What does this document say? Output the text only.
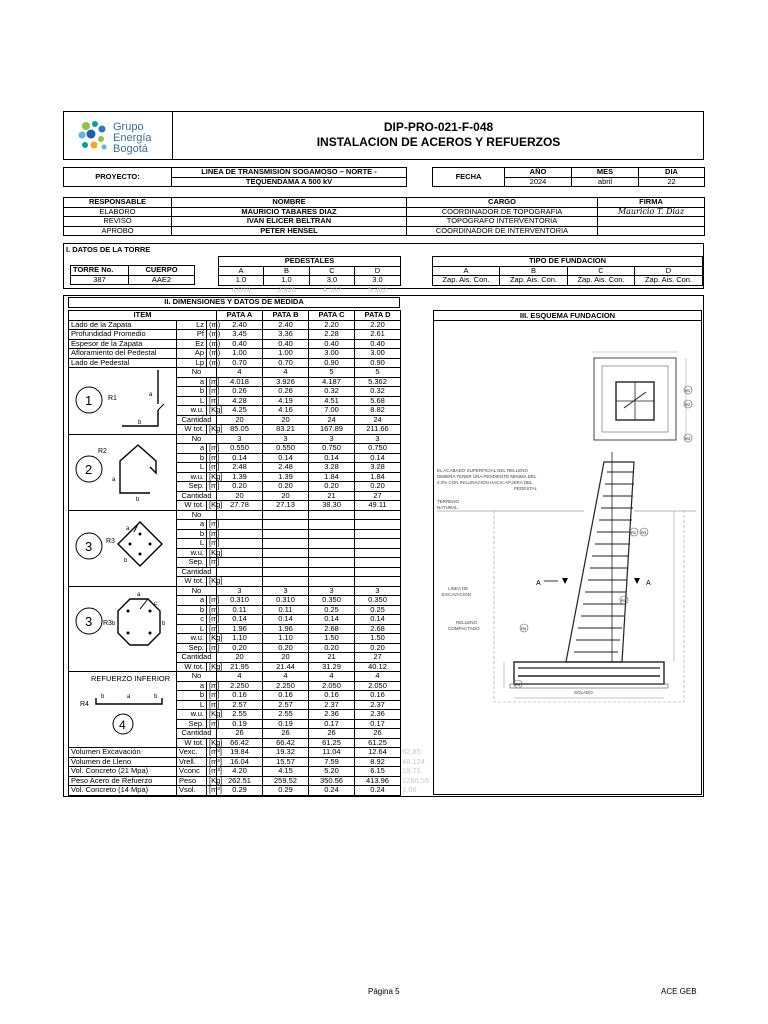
Grupo
Energía
Bogotá
DIP-PRO-021-F-048
INSTALACION DE ACEROS Y REFUERZOS
PROYECTO:	LINEA DE TRANSMISION SOGAMOSO – NORTE -
TEQUENDAMA A 500 kV
FECHA	AÑO	MES	DIA
	2024	abril	22
RESPONSABLE	NOMBRE	CARGO	FIRMA
ELABORO	MAURICIO TABARES DIAZ	COORDINADOR DE TOPOGRAFIA	Mauricio T. Diaz
REVISO	IVAN ELICER BELTRAN	TOPOGRAFO INTERVENTORIA	
APROBO	PETER HENSEL	COORDINADOR DE INTERVENTORIA	
I. DATOS DE LA TORRE
TORRE No.	CUERPO
387	AAE2
PEDESTALES			
A	B	C	D
1.0	1.0	3.0	3.0
4.018	3.926	4.187	5.362
TIPO DE FUNDACION			
A	B	C	D
Zap. Ais. Con.	Zap. Ais. Con.	Zap. Ais. Con.	Zap. Ais. Con.
II. DIMENSIONES Y DATOS DE MEDIDA
ITEM			PATA A	PATA B	PATA C	PATA D
Lado de la Zapata	Lz	(m)	2.40	2.40	2.20	2.20
Profundidad Promedio	Pf	(m)	3.45	3.36	2.28	2.61
Espesor de la Zapata	Ez	(m)	0.40	0.40	0.40	0.40
Afloramiento del Pedestal	Ap	(m)	1.00	1.00	3.00	3.00
Lado de Pedestal	Lp	(m)	0.70	0.70	0.90	0.90
	No		4	4	5	5
	a	[m]	4.018	3.926	4.187	5.362
	b	[m]	0.26	0.26	0.32	0.32
	L	[m]	4.28	4.19	4.51	5.68
	w.u.	[Kg]	4.25	4.16	7.00	8.82
	Cantidad		20	20	24	24
	W tot.	[Kg]	85.05	83.21	167.89	211.66
	No		3	3	3	3
	a	[m]	0.550	0.550	0.750	0.750
	b	[m]	0.14	0.14	0.14	0.14
	L	[m]	2.48	2.48	3.28	3.28
	w.u.	[Kg]	1.39	1.39	1.84	1.84
	Sep.	[m]	0.20	0.20	0.20	0.20
	Cantidad		20	20	21	27
	W tot.	[Kg]	27.78	27.13	38.30	49.11
	No					
	a	[m]				
	b	[m]				
	L	[m]				
	w.u.	[Kg]				
	Sep.	[m]				
	Cantidad					
	W tot.	[Kg]				
	No		3	3	3	3
	a	[m]	0.310	0.310	0.350	0.350
	b	[m]	0.11	0.11	0.25	0.25
	c	[m]	0.14	0.14	0.14	0.14
	L	[m]	1.96	1.96	2.68	2.68
	w.u.	[Kg]	1.10	1.10	1.50	1.50
	Sep.	[m]	0.20	0.20	0.20	0.20
	Cantidad		20	20	21	27
	W tot.	[Kg]	21.95	21.44	31.29	40.12
	No		4	4	4	4
	a	[m]	2.250	2.250	2.050	2.050
	b	[m]	0.16	0.16	0.16	0.16
	L	[m]	2.57	2.57	2.37	2.37
	w.u.	[Kg]	2.55	2.55	2.36	2.36
	Sep.	[m]	0.19	0.19	0.17	0.17
	Cantidad		26	26	26	26
	W tot.	[Kg]	66.42	66.42	61.25	61.25
Volumen Excavación	Vexc.	[m³]	19.84	19.32	11.04	12.64
Volumen de Lleno	Vrell.	[m³]	16.04	15.57	7.59	8.92
Vol. Concreto (21 Mpa)	Vconc	[m³]	4.20	4.15	5.20	6.15
Peso Acero de Refuerzo	Peso	[Kg]	262.51	259.52	350.56	413.96
Vol. Concreto (14 Mpa)	Vsol.	[m³]	0.29	0.29	0.24	0.24
62.85
48.124
19.71
1286.55
1.06
1 R1	a
b
2
R2
a
b
3 R3
a
b
3 R3
a
b	b
c
REFUERZO INFERIOR
R4
b	a	b
4
III. ESQUEMA FUNDACION
R1
R2
R3
EL ACABADO SUPERFICIAL DEL RELLENO
DEBERA TENER UNA PENDIENTE MINIMA DEL
2.0% CON INCLINACION HACIA AFUERA DEL
PEDESTAL
TERRENO
NATURAL
LINEA DE
EXCAVACION
RELLENO
COMPACTADO
SOLADO
A	A
R2 R3
R1
R5
R4
Página 5	ACE GEB
